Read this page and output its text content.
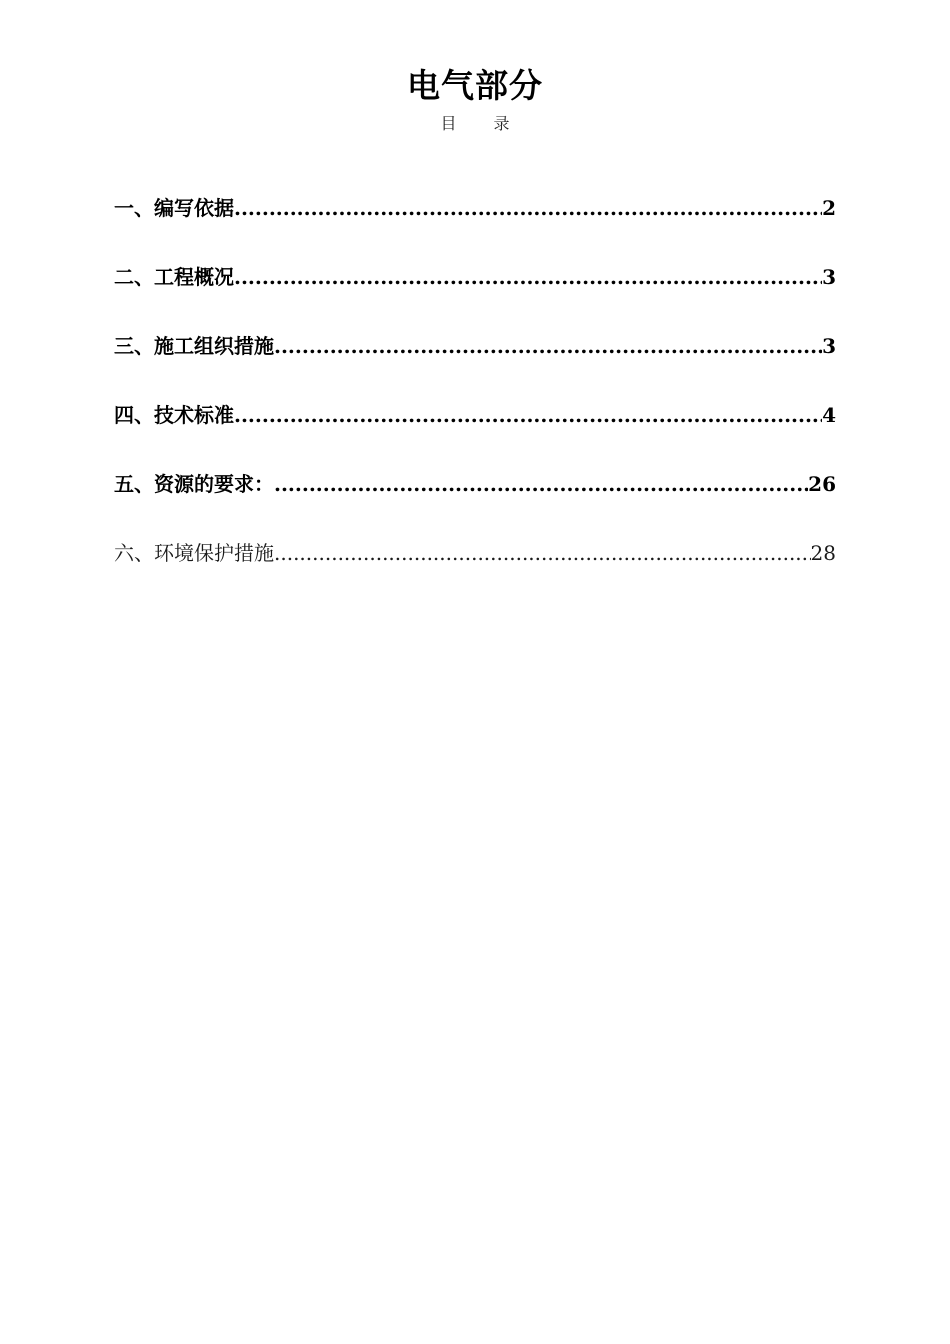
电气部分
目 录
一、编写依据 .....	2
二、工程概况 .....	3
三、施工组织措施 .....	3
四、技术标准 .....	4
五、资源的要求： .....	26
六、环境保护措施 .....	28
